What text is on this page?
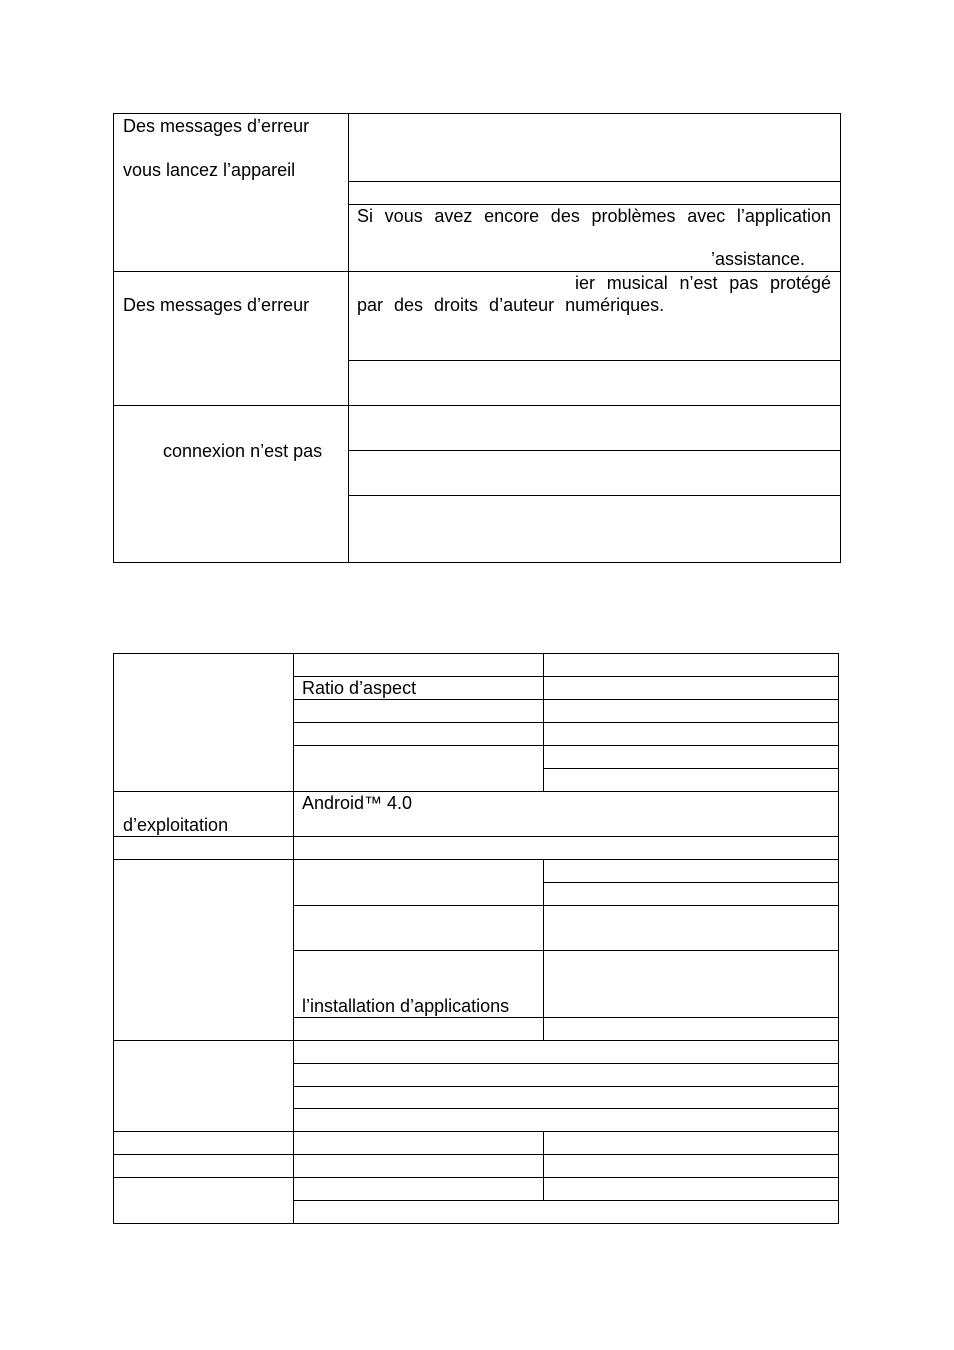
Des messages d’erreur
vous lancez l’appareil
Si vous avez encore des problèmes avec l’application
’assistance.
Des messages d’erreur
ier musical n’est pas protégé
par des droits d’auteur numériques.
connexion n’est pas
Ratio d’aspect
Android™ 4.0
d’exploitation
l’installation d’applications
